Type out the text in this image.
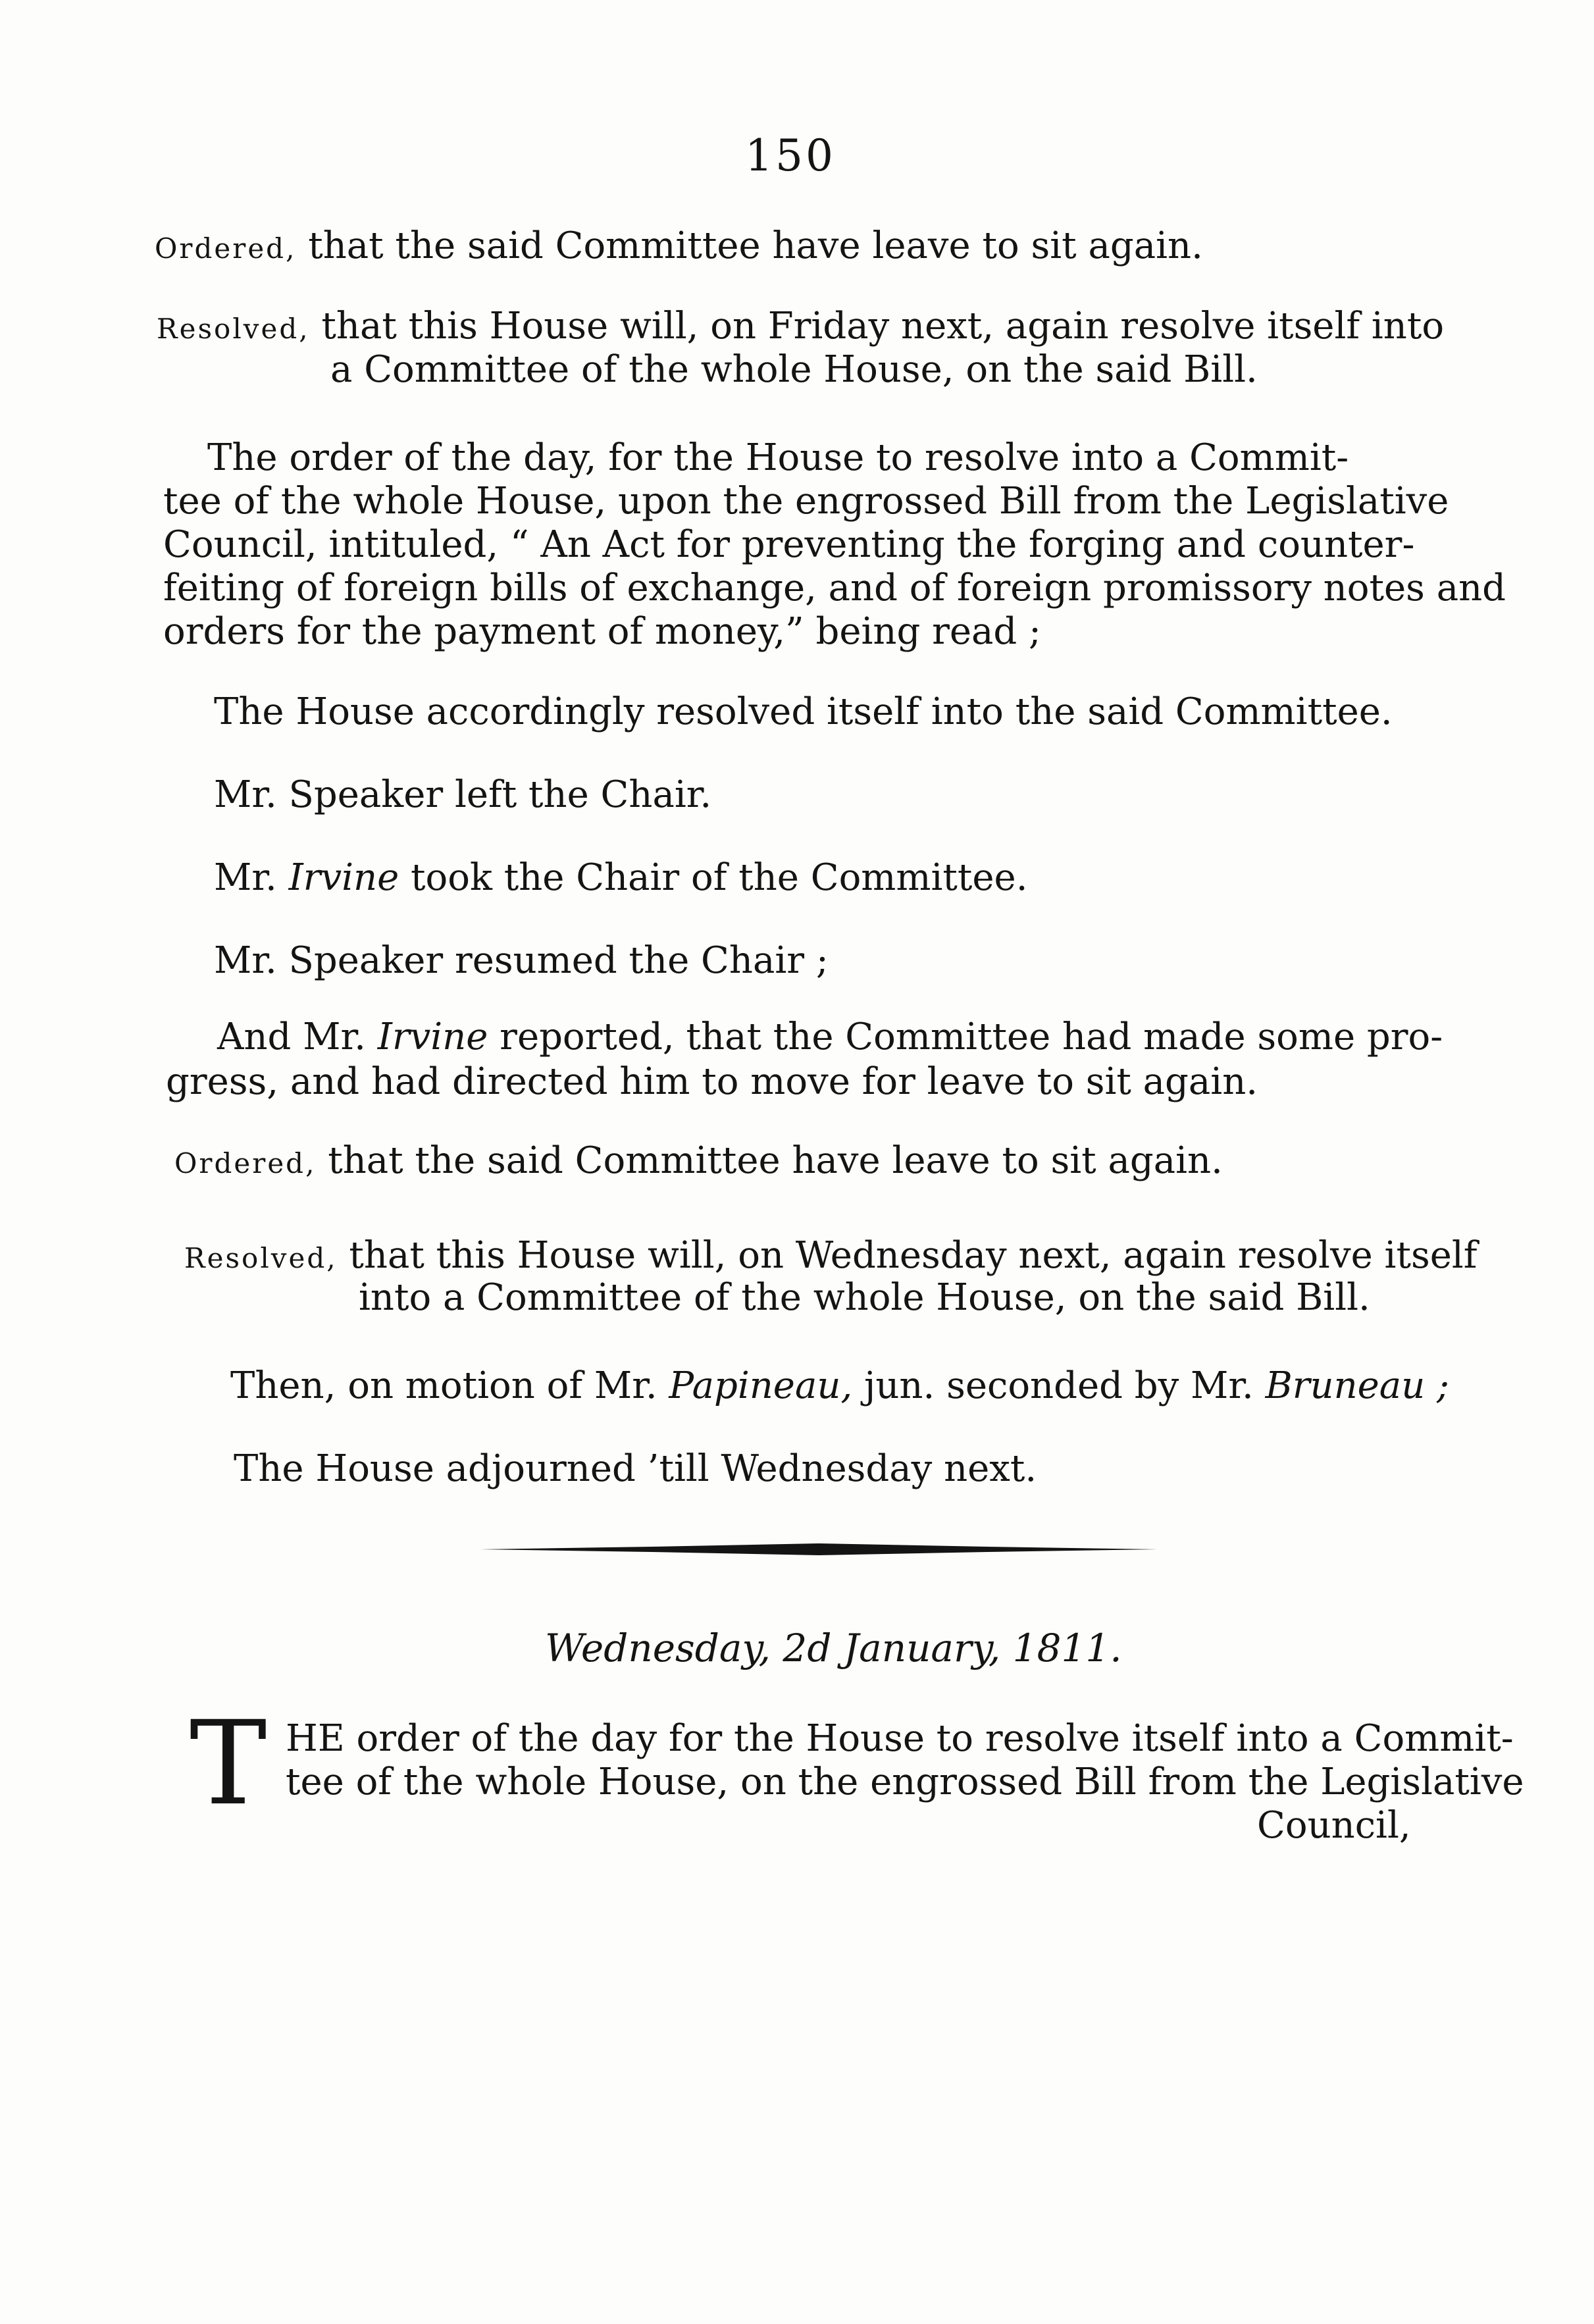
150
Ordered, that the said Committee have leave to sit again.
Resolved, that this House will, on Friday next, again resolve itself into
a Committee of the whole House, on the said Bill.
The order of the day, for the House to resolve into a Commit-
tee of the whole House, upon the engrossed Bill from the Legislative
Council, intituled, “ An Act for preventing the forging and counter-
feiting of foreign bills of exchange, and of foreign promissory notes and
orders for the payment of money,” being read ;
The House accordingly resolved itself into the said Committee.
Mr. Speaker left the Chair.
Mr. Irvine took the Chair of the Committee.
Mr. Speaker resumed the Chair ;
And Mr. Irvine reported, that the Committee had made some pro-
gress, and had directed him to move for leave to sit again.
Ordered, that the said Committee have leave to sit again.
Resolved, that this House will, on Wednesday next, again resolve itself
into a Committee of the whole House, on the said Bill.
Then, on motion of Mr. Papineau, jun. seconded by Mr. Bruneau ;
The House adjourned ’till Wednesday next.
Wednesday, 2d January, 1811.
T HE order of the day for the House to resolve itself into a Commit-
tee of the whole House, on the engrossed Bill from the Legislative
Council,
